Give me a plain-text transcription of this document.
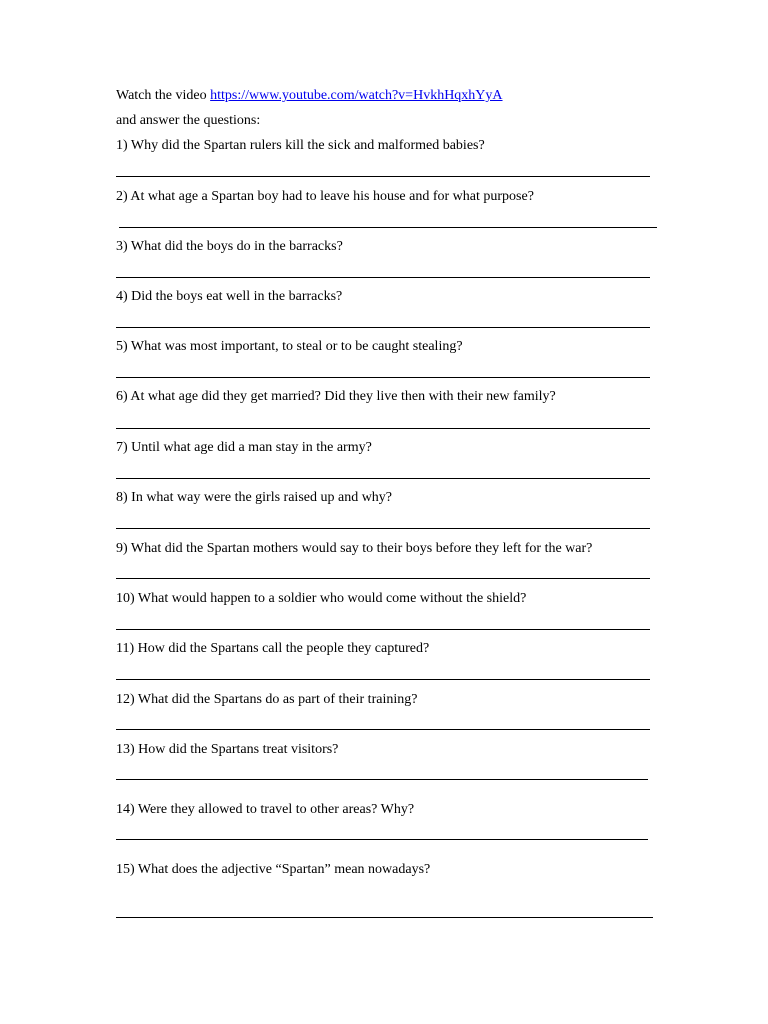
Watch the video https://www.youtube.com/watch?v=HvkhHqxhYyA
and answer the questions:
1) Why did the Spartan rulers kill the sick and malformed babies?
2) At what age a Spartan boy had to leave his house and for what purpose?
3) What did the boys do in the barracks?
4) Did the boys eat well in the barracks?
5) What was most important, to steal or to be caught stealing?
6) At what age did they get married? Did they live then with their new family?
7) Until what age did a man stay in the army?
8) In what way were the girls raised up and why?
9) What did the Spartan mothers would say to their boys before they left for the war?
10) What would happen to a soldier who would come without the shield?
11) How did the Spartans call the people they captured?
12) What did the Spartans do as part of their training?
13) How did the Spartans treat visitors?
14) Were they allowed to travel to other areas? Why?
15) What does the adjective “Spartan” mean nowadays?
